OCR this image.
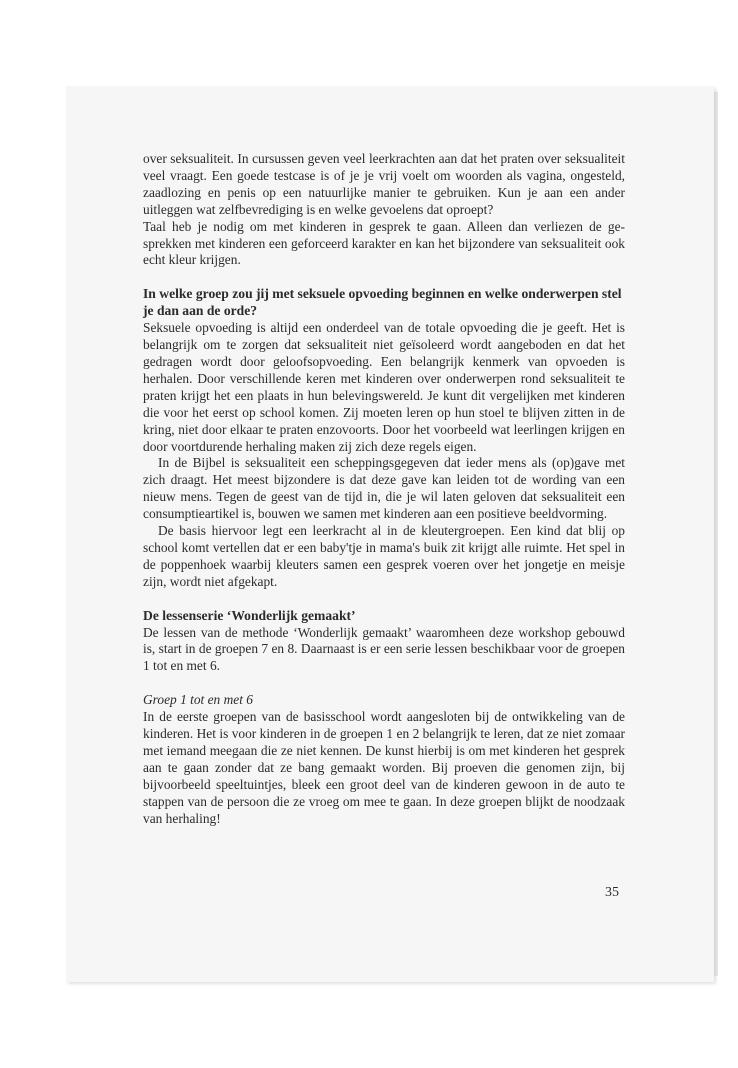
over seksualiteit. In cursussen geven veel leerkrachten aan dat het praten over seksualiteit veel vraagt. Een goede testcase is of je je vrij voelt om woorden als vagina, ongesteld, zaadlozing en penis op een natuurlijke manier te gebruiken. Kun je aan een ander uitleggen wat zelfbevrediging is en welke gevoelens dat oproept?

Taal heb je nodig om met kinderen in gesprek te gaan. Alleen dan verliezen de gesprekken met kinderen een geforceerd karakter en kan het bijzondere van seksualiteit ook echt kleur krijgen.

In welke groep zou jij met seksuele opvoeding beginnen en welke onderwerpen stel je dan aan de orde?

Seksuele opvoeding is altijd een onderdeel van de totale opvoeding die je geeft. Het is belangrijk om te zorgen dat seksualiteit niet geïsoleerd wordt aangeboden en dat het gedragen wordt door geloofsopvoeding. Een belangrijk kenmerk van opvoeden is herhalen. Door verschillende keren met kinderen over onderwerpen rond seksualiteit te praten krijgt het een plaats in hun belevingswereld. Je kunt dit vergelijken met kinderen die voor het eerst op school komen. Zij moeten leren op hun stoel te blijven zitten in de kring, niet door elkaar te praten enzovoorts. Door het voorbeeld wat leerlingen krijgen en door voortdurende herhaling maken zij zich deze regels eigen.

In de Bijbel is seksualiteit een scheppingsgegeven dat ieder mens als (op)gave met zich draagt. Het meest bijzondere is dat deze gave kan leiden tot de wording van een nieuw mens. Tegen de geest van de tijd in, die je wil laten geloven dat seksualiteit een consumptieartikel is, bouwen we samen met kinderen aan een positieve beeldvorming.

De basis hiervoor legt een leerkracht al in de kleutergroepen. Een kind dat blij op school komt vertellen dat er een baby'tje in mama's buik zit krijgt alle ruimte. Het spel in de poppenhoek waarbij kleuters samen een gesprek voeren over het jongetje en meisje zijn, wordt niet afgekapt.

De lessenserie ‘Wonderlijk gemaakt’

De lessen van de methode ‘Wonderlijk gemaakt’ waaromheen deze workshop gebouwd is, start in de groepen 7 en 8. Daarnaast is er een serie lessen beschikbaar voor de groepen 1 tot en met 6.

Groep 1 tot en met 6

In de eerste groepen van de basisschool wordt aangesloten bij de ontwikkeling van de kinderen. Het is voor kinderen in de groepen 1 en 2 belangrijk te leren, dat ze niet zomaar met iemand meegaan die ze niet kennen. De kunst hierbij is om met kinderen het gesprek aan te gaan zonder dat ze bang gemaakt worden. Bij proeven die genomen zijn, bij bijvoorbeeld speeltuintjes, bleek een groot deel van de kinderen gewoon in de auto te stappen van de persoon die ze vroeg om mee te gaan. In deze groepen blijkt de noodzaak van herhaling!

35
